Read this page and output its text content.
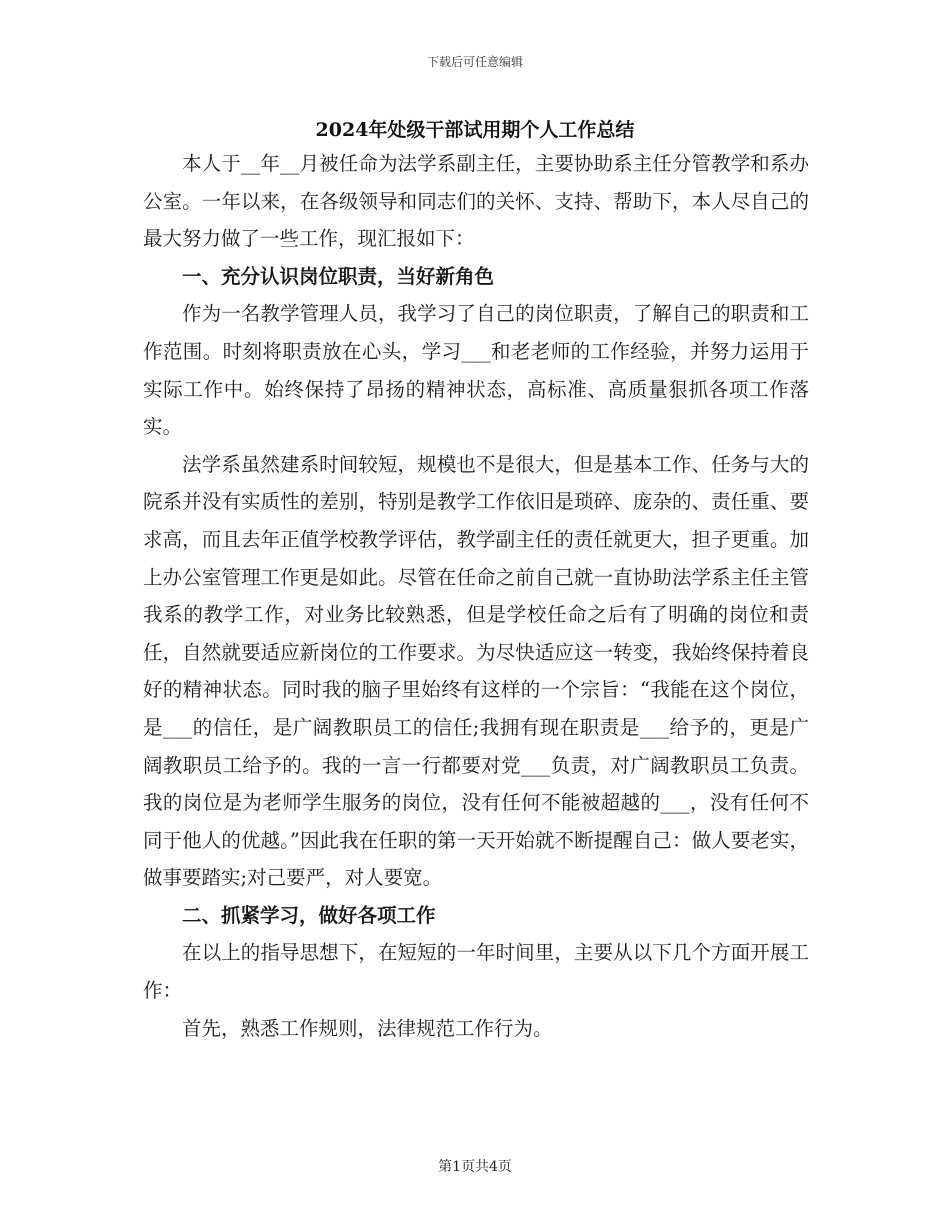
下载后可任意编辑
2024年处级干部试用期个人工作总结

本人于__年__月被任命为法学系副主任，主要协助系主任分管教学和系办公室。一年以来，在各级领导和同志们的关怀、支持、帮助下，本人尽自己的最大努力做了一些工作，现汇报如下：

一、充分认识岗位职责，当好新角色

作为一名教学管理人员，我学习了自己的岗位职责，了解自己的职责和工作范围。时刻将职责放在心头，学习___和老老师的工作经验，并努力运用于实际工作中。始终保持了昂扬的精神状态，高标准、高质量狠抓各项工作落实。

法学系虽然建系时间较短，规模也不是很大，但是基本工作、任务与大的院系并没有实质性的差别，特别是教学工作依旧是琐碎、庞杂的、责任重、要求高，而且去年正值学校教学评估，教学副主任的责任就更大，担子更重。加上办公室管理工作更是如此。尽管在任命之前自己就一直协助法学系主任主管我系的教学工作，对业务比较熟悉，但是学校任命之后有了明确的岗位和责任，自然就要适应新岗位的工作要求。为尽快适应这一转变，我始终保持着良好的精神状态。同时我的脑子里始终有这样的一个宗旨：“我能在这个岗位，是___的信任，是广阔教职员工的信任;我拥有现在职责是___给予的，更是广阔教职员工给予的。我的一言一行都要对党___负责，对广阔教职员工负责。我的岗位是为老师学生服务的岗位，没有任何不能被超越的___，没有任何不同于他人的优越。”因此我在任职的第一天开始就不断提醒自己：做人要老实，做事要踏实;对己要严，对人要宽。

二、抓紧学习，做好各项工作

在以上的指导思想下，在短短的一年时间里，主要从以下几个方面开展工作：

首先，熟悉工作规则，法律规范工作行为。

第1页共4页
